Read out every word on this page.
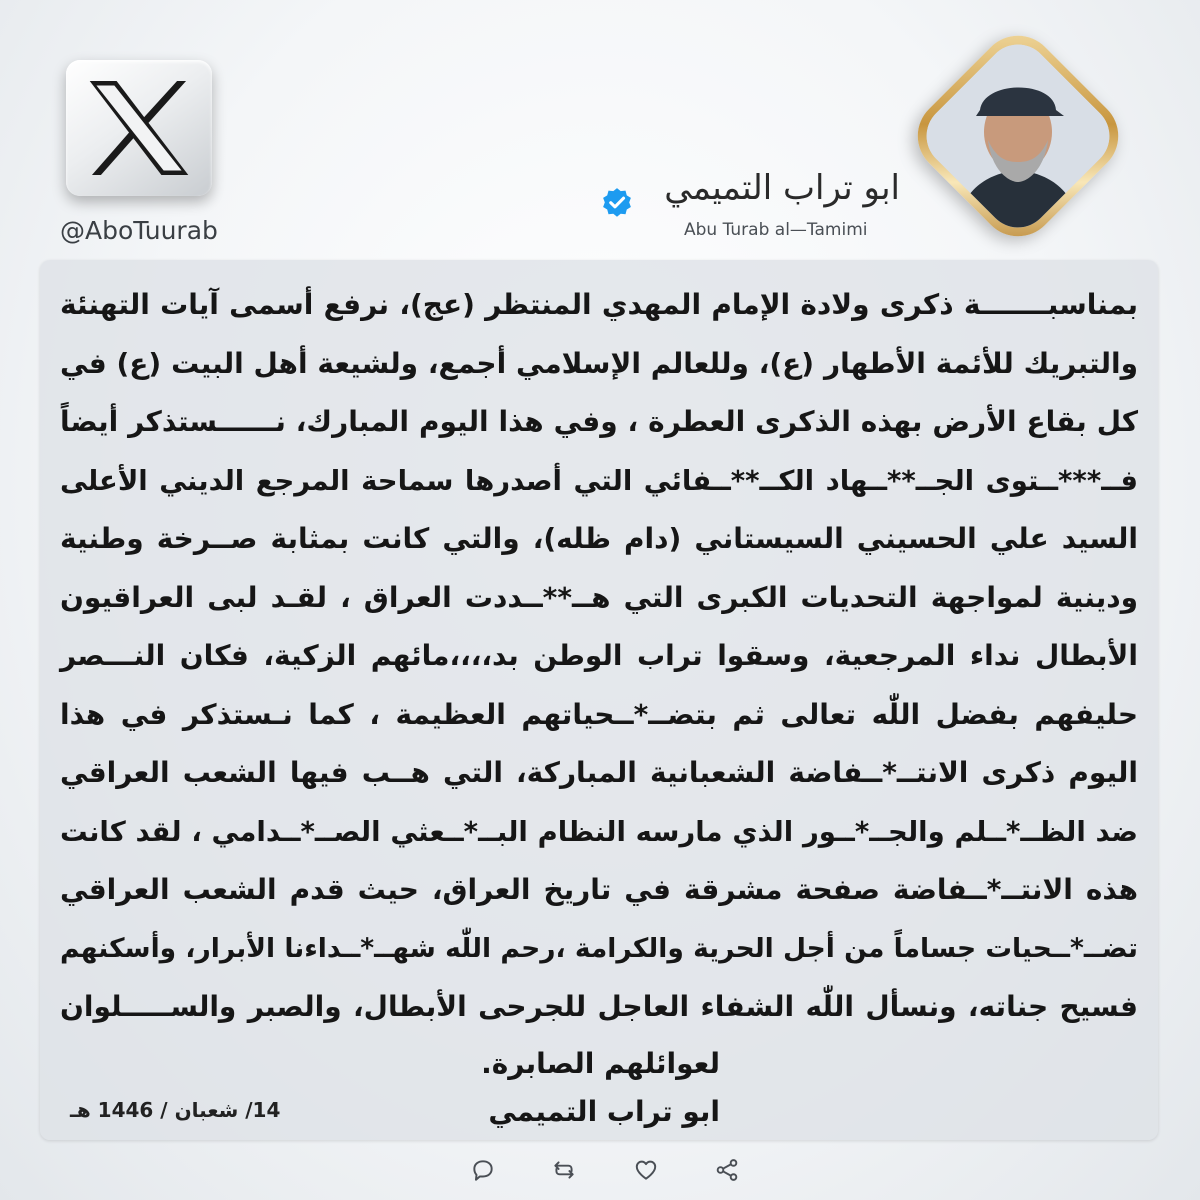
@AboTuurab
ابو تراب التميمي
Abu Turab al—Tamimi
بمناسبـــــــة ذكرى ولادة الإمام المهدي المنتظر (عج)، نرفع أسمى آيات التهنئة
والتبريك للأئمة الأطهار (ع)، وللعالم الإسلامي أجمع، ولشيعة أهل البيت (ع) في
كل بقاع الأرض بهذه الذكرى العطرة ، وفي هذا اليوم المبارك، نــــــستذكر أيضاً
فــ***ــتوى الجــ**ــهاد الكــ**ــفائي التي أصدرها سماحة المرجع الديني الأعلى
السيد علي الحسيني السيستاني (دام ظله)، والتي كانت بمثابة صــرخة وطنية
ودينية لمواجهة التحديات الكبرى التي هــ**ــددت العراق ، لقـد لبى العراقيون
الأبطال نداء المرجعية، وسقوا تراب الوطن بد،،،،مائهم الزكية، فكان النـــصر
حليفهم بفضل اللّٰه تعالى ثم بتضــ*ــحياتهم العظيمة ، كما نـستذكر في هذا
اليوم ذكرى الانتــ*ــفاضة الشعبانية المباركة، التي هــب فيها الشعب العراقي
ضد الظــ*ــلم والجــ*ــور الذي مارسه النظام البــ*ــعثي الصــ*ــدامي ، لقد كانت
هذه الانتــ*ــفاضة صفحة مشرقة في تاريخ العراق، حيث قدم الشعب العراقي
تضــ*ــحيات جساماً من أجل الحرية والكرامة ،رحم اللّٰه شهــ*ــداءنا الأبرار، وأسكنهم
فسيح جناته، ونسأل اللّٰه الشفاء العاجل للجرحى الأبطال، والصبر والســـــلوان
لعوائلهم الصابرة.
ابو تراب التميمي
14/ شعبان / 1446 هـ
